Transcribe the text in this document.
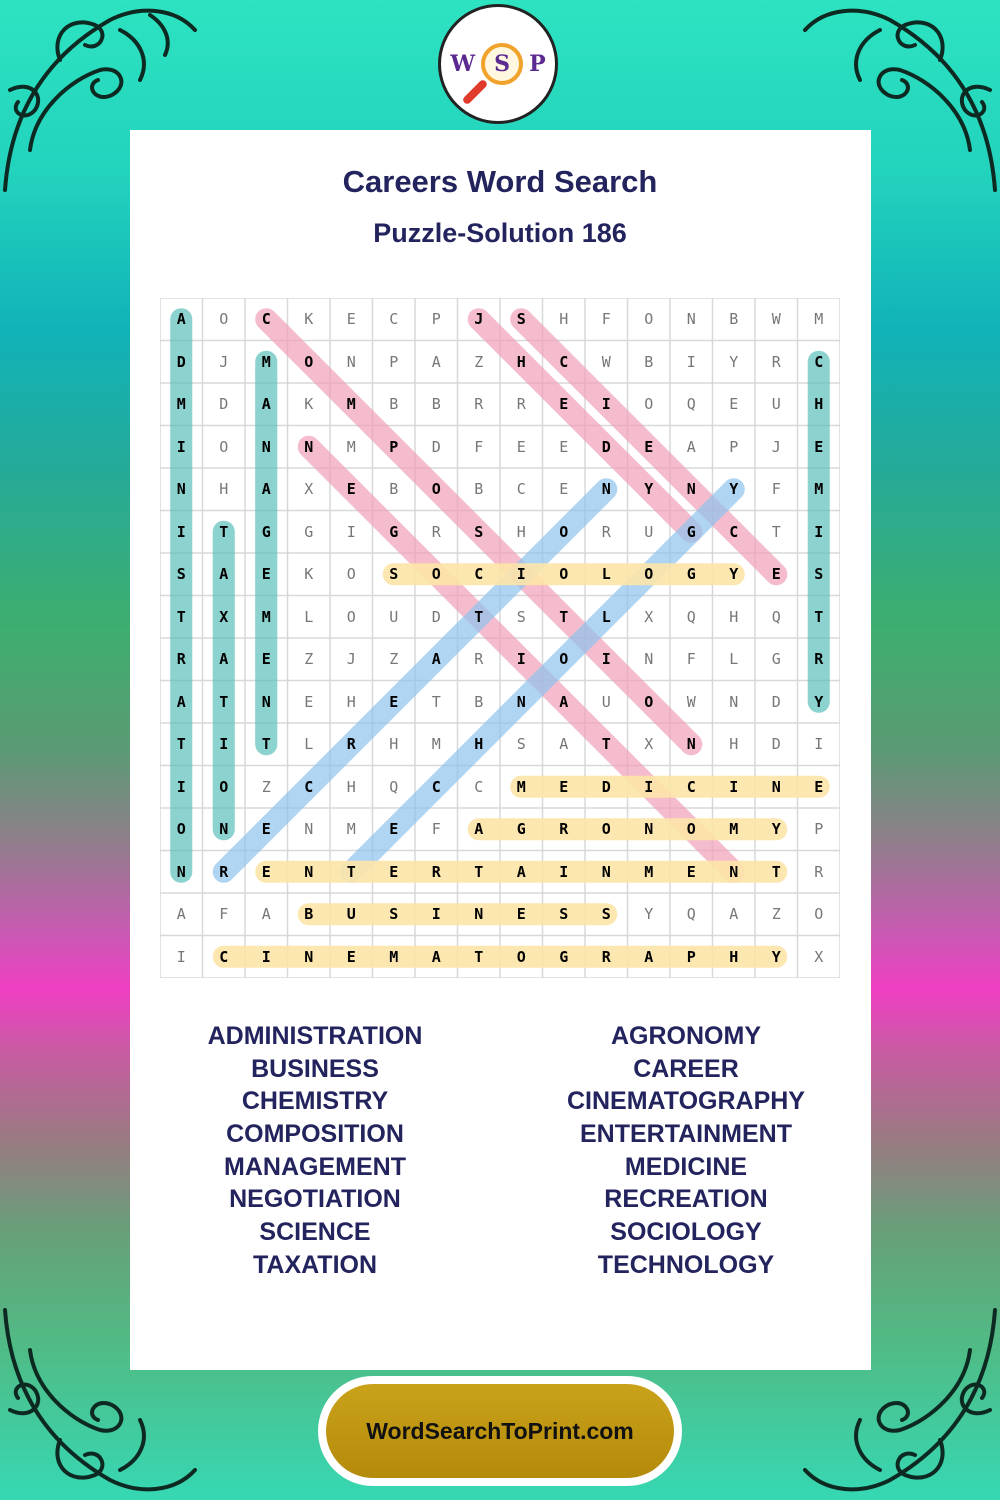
W S P
Careers Word Search
Puzzle-Solution 186
A	O	C	K	E	C	P	J	S	H	F	O	N	B	W	M
D	J	M	O	N	P	A	Z	H	C	W	B	I	Y	R	C
M	D	A	K	M	B	B	R	R	E	I	O	Q	E	U	H
I	O	N	N	M	P	D	F	E	E	D	E	A	P	J	E
N	H	A	X	E	B	O	B	C	E	N	Y	N	Y	F	M
I	T	G	G	I	G	R	S	H	O	R	U	G	C	T	I
S	A	E	K	O	S	O	C	I	O	L	O	G	Y	E	S
T	X	M	L	O	U	D	T	S	T	L	X	Q	H	Q	T
R	A	E	Z	J	Z	A	R	I	O	I	N	F	L	G	R
A	T	N	E	H	E	T	B	N	A	U	O	W	N	D	Y
T	I	T	L	R	H	M	H	S	A	T	X	N	H	D	I
I	O	Z	C	H	Q	C	C	M	E	D	I	C	I	N	E
O	N	E	N	M	E	F	A	G	R	O	N	O	M	Y	P
N	R	E	N	T	E	R	T	A	I	N	M	E	N	T	R
A	F	A	B	U	S	I	N	E	S	S	Y	Q	A	Z	O
I	C	I	N	E	M	A	T	O	G	R	A	P	H	Y	X
ADMINISTRATION
BUSINESS
CHEMISTRY
COMPOSITION
MANAGEMENT
NEGOTIATION
SCIENCE
TAXATION
AGRONOMY
CAREER
CINEMATOGRAPHY
ENTERTAINMENT
MEDICINE
RECREATION
SOCIOLOGY
TECHNOLOGY
WordSearchToPrint.com
